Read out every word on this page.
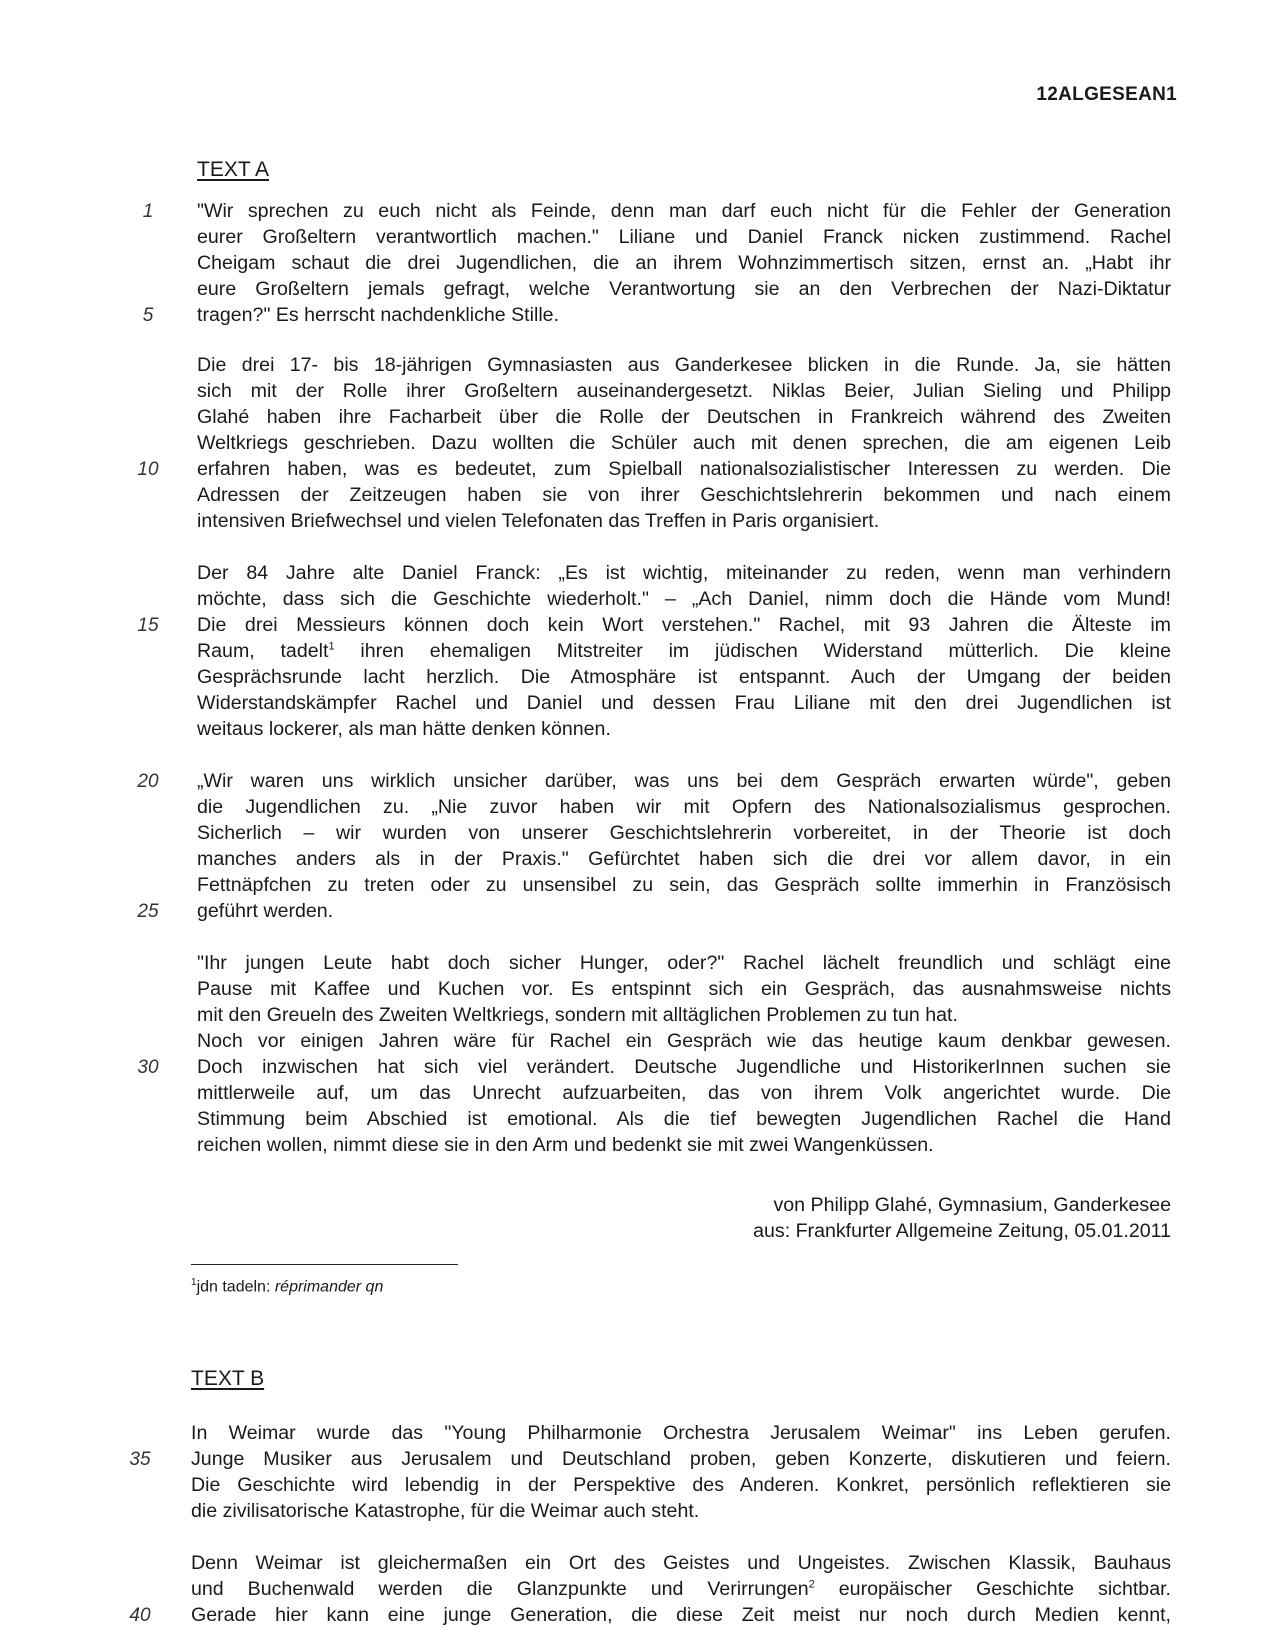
12ALGESEAN1
TEXT A
1	"Wir sprechen zu euch nicht als Feinde, denn man darf euch nicht für die Fehler der Generation
eurer Großeltern verantwortlich machen." Liliane und Daniel Franck nicken zustimmend. Rachel
Cheigam schaut die drei Jugendlichen, die an ihrem Wohnzimmertisch sitzen, ernst an. „Habt ihr
eure Großeltern jemals gefragt, welche Verantwortung sie an den Verbrechen der Nazi-Diktatur
5	tragen?" Es herrscht nachdenkliche Stille.
Die drei 17- bis 18-jährigen Gymnasiasten aus Ganderkesee blicken in die Runde. Ja, sie hätten
sich mit der Rolle ihrer Großeltern auseinandergesetzt. Niklas Beier, Julian Sieling und Philipp
Glahé haben ihre Facharbeit über die Rolle der Deutschen in Frankreich während des Zweiten
Weltkriegs geschrieben. Dazu wollten die Schüler auch mit denen sprechen, die am eigenen Leib
10	erfahren haben, was es bedeutet, zum Spielball nationalsozialistischer Interessen zu werden. Die
Adressen der Zeitzeugen haben sie von ihrer Geschichtslehrerin bekommen und nach einem
intensiven Briefwechsel und vielen Telefonaten das Treffen in Paris organisiert.
Der 84 Jahre alte Daniel Franck: „Es ist wichtig, miteinander zu reden, wenn man verhindern
möchte, dass sich die Geschichte wiederholt." – „Ach Daniel, nimm doch die Hände vom Mund!
15	Die drei Messieurs können doch kein Wort verstehen." Rachel, mit 93 Jahren die Älteste im
Raum, tadelt$^1$ ihren ehemaligen Mitstreiter im jüdischen Widerstand mütterlich. Die kleine
Gesprächsrunde lacht herzlich. Die Atmosphäre ist entspannt. Auch der Umgang der beiden
Widerstandskämpfer Rachel und Daniel und dessen Frau Liliane mit den drei Jugendlichen ist
weitaus lockerer, als man hätte denken können.
20	„Wir waren uns wirklich unsicher darüber, was uns bei dem Gespräch erwarten würde", geben
die Jugendlichen zu. „Nie zuvor haben wir mit Opfern des Nationalsozialismus gesprochen.
Sicherlich – wir wurden von unserer Geschichtslehrerin vorbereitet, in der Theorie ist doch
manches anders als in der Praxis." Gefürchtet haben sich die drei vor allem davor, in ein
Fettnäpfchen zu treten oder zu unsensibel zu sein, das Gespräch sollte immerhin in Französisch
25	geführt werden.
"Ihr jungen Leute habt doch sicher Hunger, oder?" Rachel lächelt freundlich und schlägt eine
Pause mit Kaffee und Kuchen vor. Es entspinnt sich ein Gespräch, das ausnahmsweise nichts
mit den Greueln des Zweiten Weltkriegs, sondern mit alltäglichen Problemen zu tun hat.
Noch vor einigen Jahren wäre für Rachel ein Gespräch wie das heutige kaum denkbar gewesen.
30	Doch inzwischen hat sich viel verändert. Deutsche Jugendliche und HistorikerInnen suchen sie
mittlerweile auf, um das Unrecht aufzuarbeiten, das von ihrem Volk angerichtet wurde. Die
Stimmung beim Abschied ist emotional. Als die tief bewegten Jugendlichen Rachel die Hand
reichen wollen, nimmt diese sie in den Arm und bedenkt sie mit zwei Wangenküssen.
von Philipp Glahé, Gymnasium, Ganderkesee
aus: Frankfurter Allgemeine Zeitung, 05.01.2011
$^1$jdn tadeln: réprimander qn
TEXT B
In Weimar wurde das "Young Philharmonie Orchestra Jerusalem Weimar" ins Leben gerufen.
35	Junge Musiker aus Jerusalem und Deutschland proben, geben Konzerte, diskutieren und feiern.
Die Geschichte wird lebendig in der Perspektive des Anderen. Konkret, persönlich reflektieren sie
die zivilisatorische Katastrophe, für die Weimar auch steht.
Denn Weimar ist gleichermaßen ein Ort des Geistes und Ungeistes. Zwischen Klassik, Bauhaus
und Buchenwald werden die Glanzpunkte und Verirrungen$^2$ europäischer Geschichte sichtbar.
40	Gerade hier kann eine junge Generation, die diese Zeit meist nur noch durch Medien kennt,
